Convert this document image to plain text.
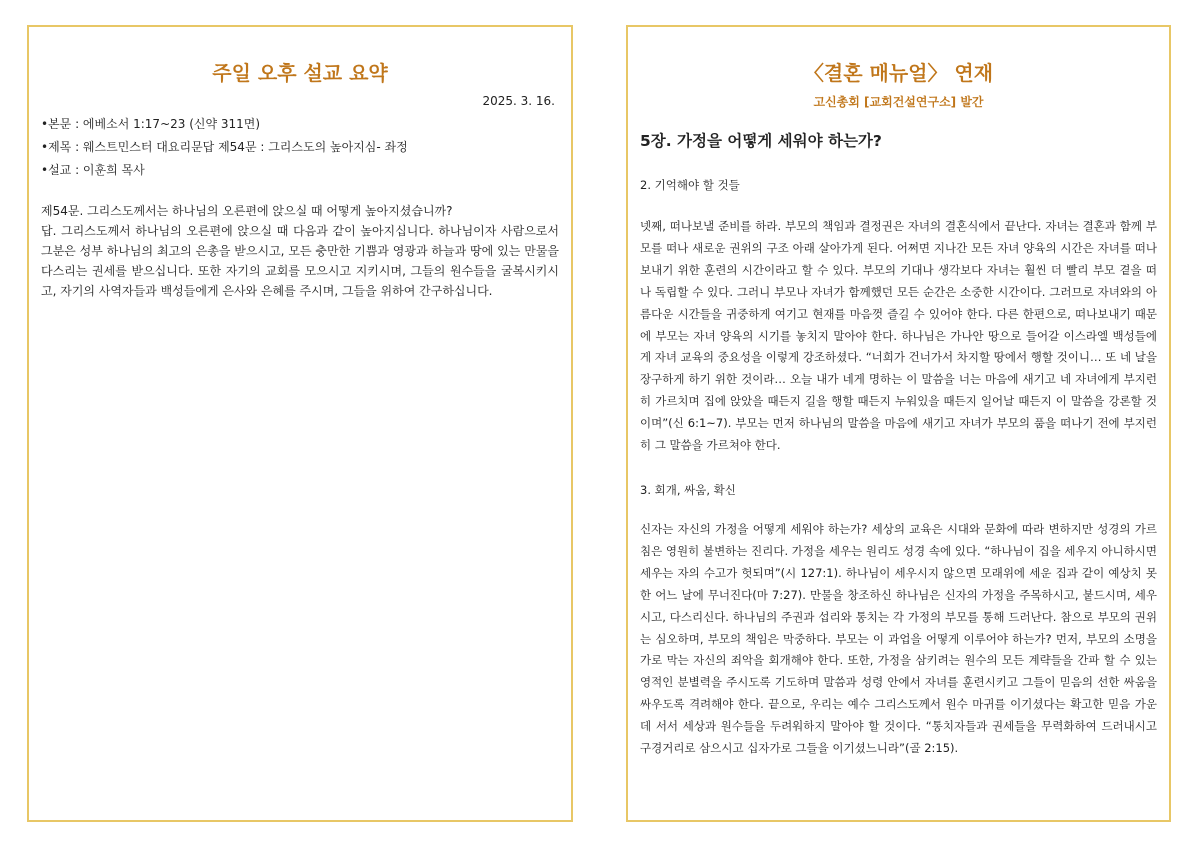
주일 오후 설교 요약
2025. 3. 16.
•본문 : 에베소서 1:17~23 (신약 311면)
•제목 : 웨스트민스터 대요리문답 제54문 : 그리스도의 높아지심- 좌정
•설교 : 이훈희 목사
제54문. 그리스도께서는 하나님의 오른편에 앉으실 때 어떻게 높아지셨습니까?
답. 그리스도께서 하나님의 오른편에 앉으실 때 다음과 같이 높아지십니다. 하나님이자 사람으로서 그분은 성부 하나님의 최고의 은총을 받으시고, 모든 충만한 기쁨과 영광과 하늘과 땅에 있는 만물을 다스리는 권세를 받으십니다. 또한 자기의 교회를 모으시고 지키시며, 그들의 원수들을 굴복시키시고, 자기의 사역자들과 백성들에게 은사와 은혜를 주시며, 그들을 위하여 간구하십니다.
〈결혼 매뉴얼〉 연재
고신총회 [교회건설연구소] 발간
5장. 가정을 어떻게 세워야 하는가?
2. 기억해야 할 것들

넷째, 떠나보낼 준비를 하라. 부모의 책임과 결정권은 자녀의 결혼식에서 끝난다. 자녀는 결혼과 함께 부모를 떠나 새로운 권위의 구조 아래 살아가게 된다. 어쩌면 지나간 모든 자녀 양육의 시간은 자녀를 떠나보내기 위한 훈련의 시간이라고 할 수 있다. 부모의 기대나 생각보다 자녀는 훨씬 더 빨리 부모 곁을 떠나 독립할 수 있다. 그러니 부모나 자녀가 함께했던 모든 순간은 소중한 시간이다. 그러므로 자녀와의 아름다운 시간들을 귀중하게 여기고 현재를 마음껏 즐길 수 있어야 한다. 다른 한편으로, 떠나보내기 때문에 부모는 자녀 양육의 시기를 놓치지 말아야 한다. 하나님은 가나안 땅으로 들어갈 이스라엘 백성들에게 자녀 교육의 중요성을 이렇게 강조하셨다. “너희가 건너가서 차지할 땅에서 행할 것이니… 또 네 날을 장구하게 하기 위한 것이라… 오늘 내가 네게 명하는 이 말씀을 너는 마음에 새기고 네 자녀에게 부지런히 가르치며 집에 앉았을 때든지 길을 행할 때든지 누워있을 때든지 일어날 때든지 이 말씀을 강론할 것이며”(신 6:1~7). 부모는 먼저 하나님의 말씀을 마음에 새기고 자녀가 부모의 품을 떠나기 전에 부지런히 그 말씀을 가르쳐야 한다.

3. 회개, 싸움, 확신

신자는 자신의 가정을 어떻게 세워야 하는가? 세상의 교육은 시대와 문화에 따라 변하지만 성경의 가르침은 영원히 불변하는 진리다. 가정을 세우는 원리도 성경 속에 있다. “하나님이 집을 세우지 아니하시면 세우는 자의 수고가 헛되며”(시 127:1). 하나님이 세우시지 않으면 모래위에 세운 집과 같이 예상치 못한 어느 날에 무너진다(마 7:27). 만물을 창조하신 하나님은 신자의 가정을 주목하시고, 붙드시며, 세우시고, 다스리신다. 하나님의 주권과 섭리와 통치는 각 가정의 부모를 통해 드러난다. 참으로 부모의 권위는 심오하며, 부모의 책임은 막중하다. 부모는 이 과업을 어떻게 이루어야 하는가? 먼저, 부모의 소명을 가로 막는 자신의 죄악을 회개해야 한다. 또한, 가정을 삼키려는 원수의 모든 계략들을 간파 할 수 있는 영적인 분별력을 주시도록 기도하며 말씀과 성령 안에서 자녀를 훈련시키고 그들이 믿음의 선한 싸움을 싸우도록 격려해야 한다. 끝으로, 우리는 예수 그리스도께서 원수 마귀를 이기셨다는 확고한 믿음 가운데 서서 세상과 원수들을 두려워하지 말아야 할 것이다. “통치자들과 권세들을 무력화하여 드러내시고 구경거리로 삼으시고 십자가로 그들을 이기셨느니라”(골 2:15).
